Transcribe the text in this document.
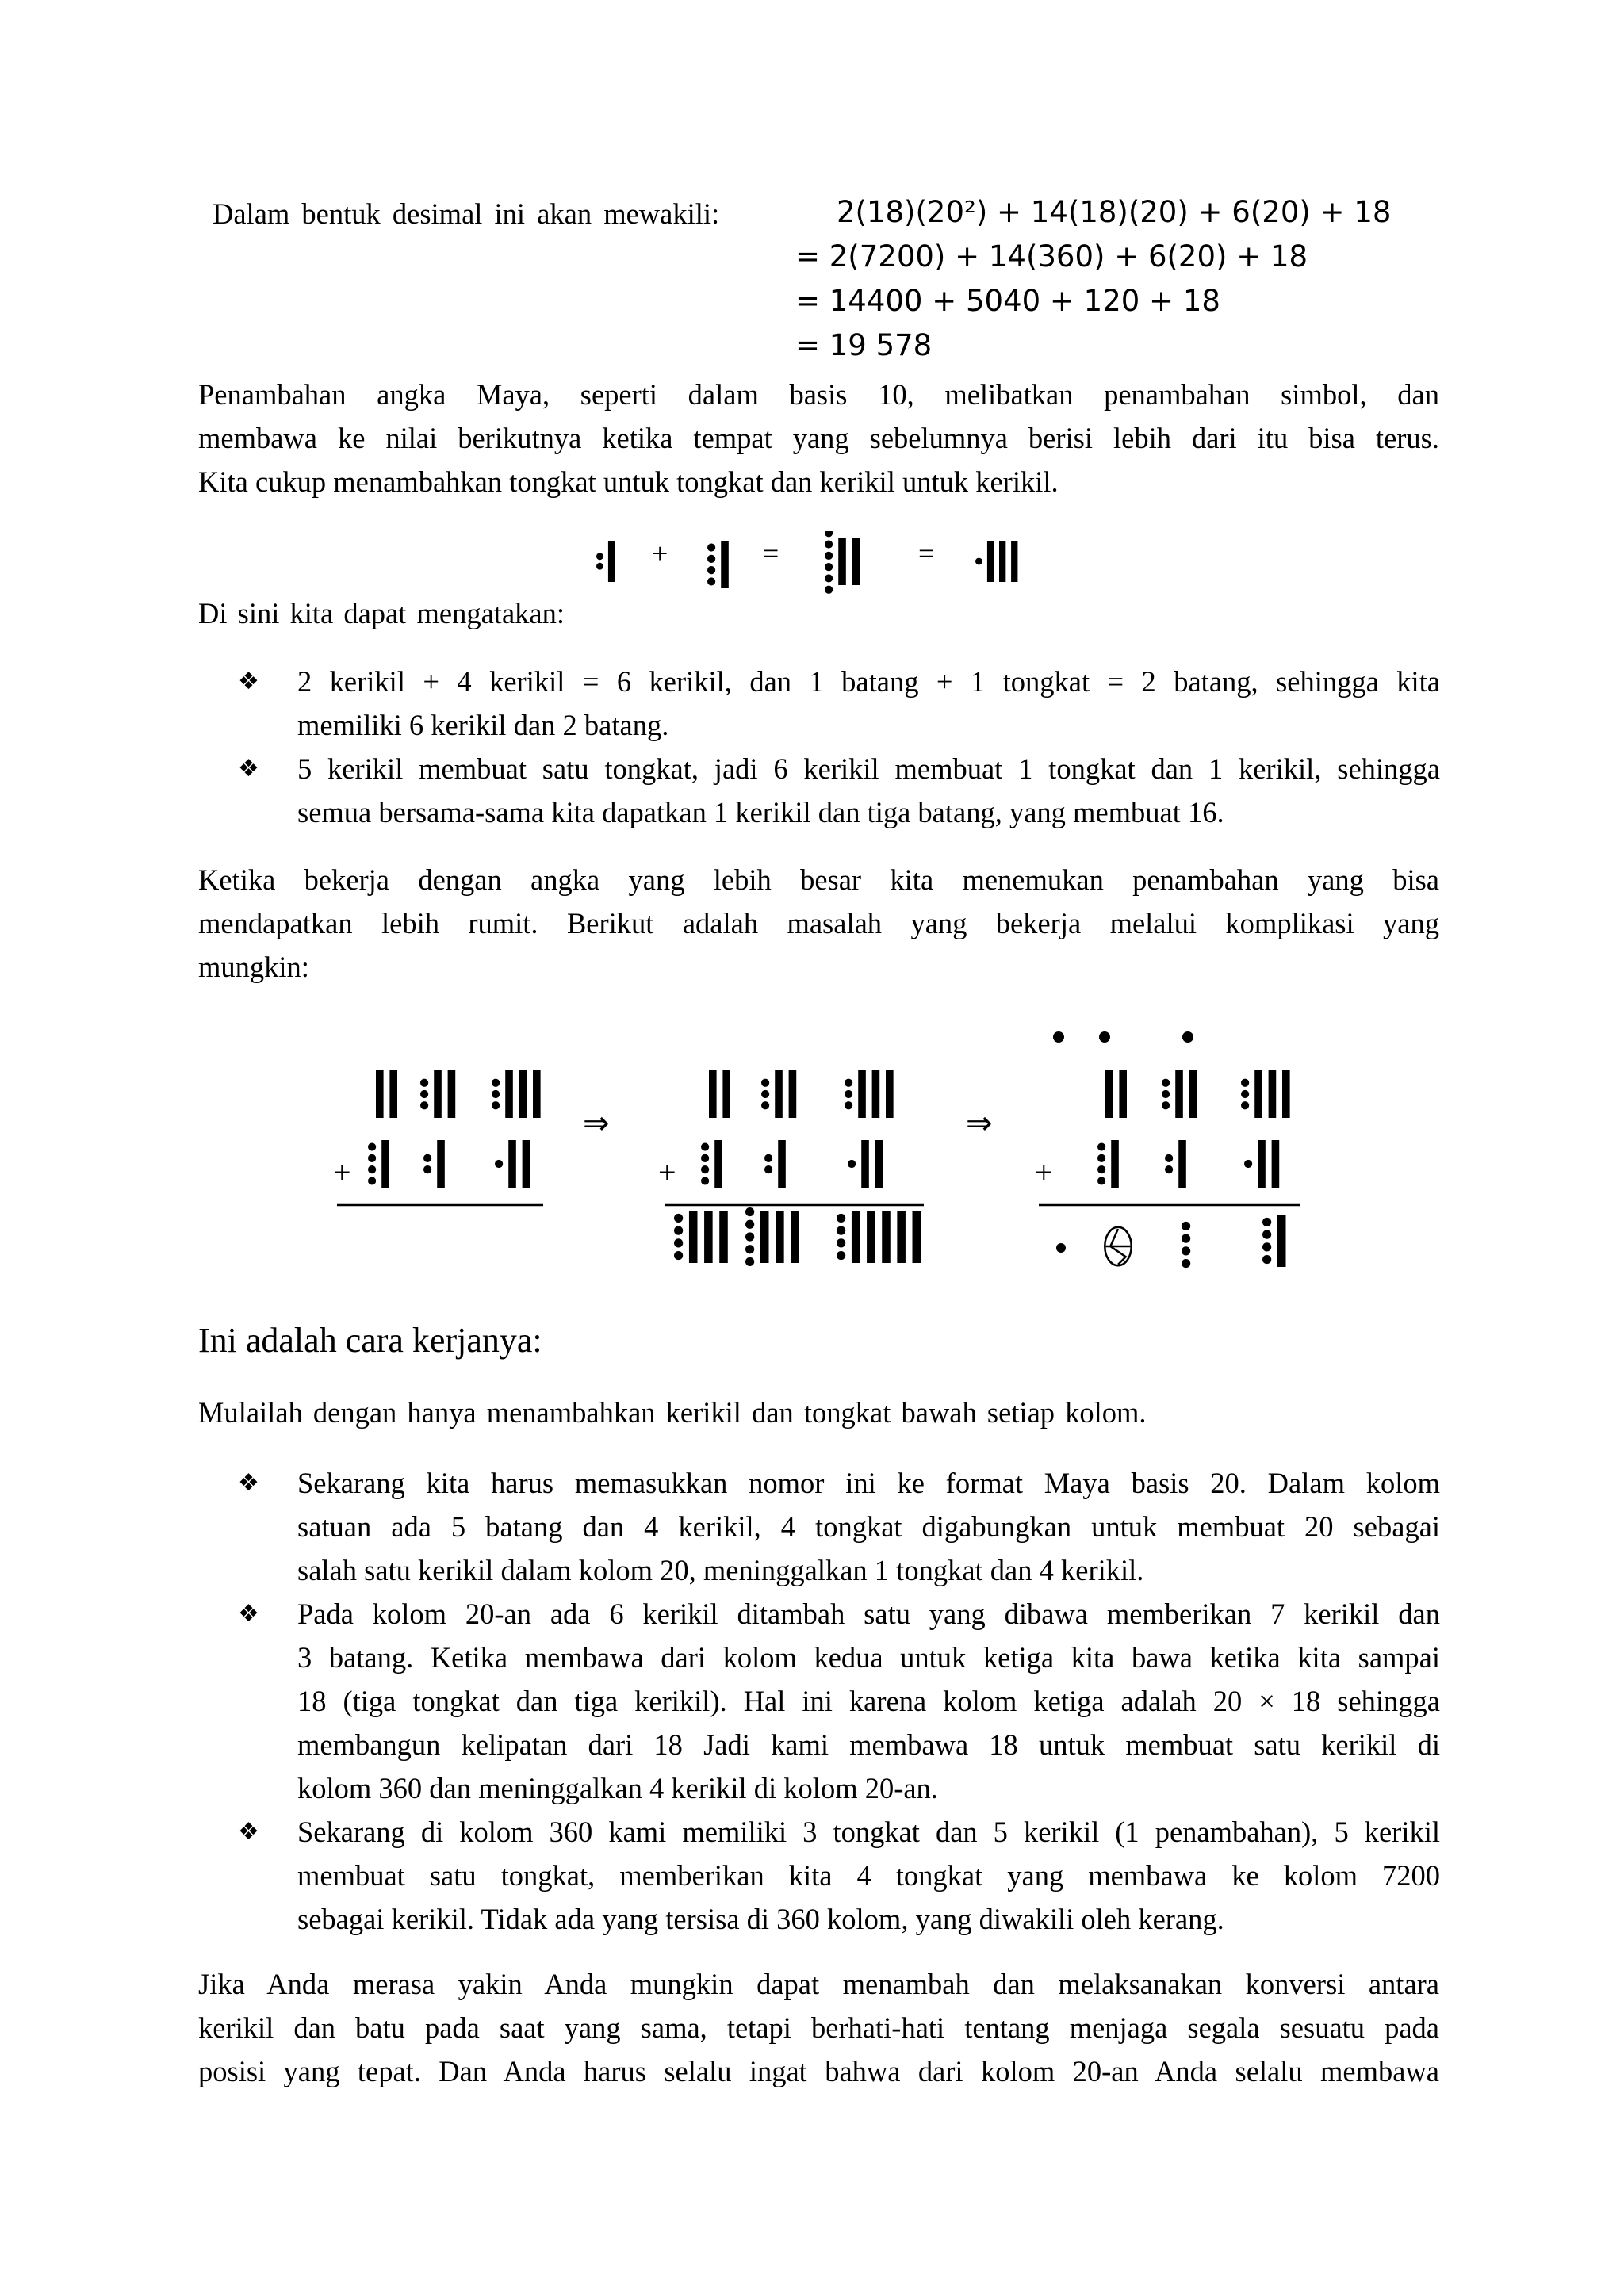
Dalam bentuk desimal ini akan mewakili:	2(18)(20²) + 14(18)(20) + 6(20) + 18
= 2(7200) + 14(360) + 6(20) + 18
= 14400 + 5040 + 120 + 18
= 19 578
Penambahan angka Maya, seperti dalam basis 10, melibatkan penambahan simbol, dan
membawa ke nilai berikutnya ketika tempat yang sebelumnya berisi lebih dari itu bisa terus.
Kita cukup menambahkan tongkat untuk tongkat dan kerikil untuk kerikil.
+	=	=
Di sini kita dapat mengatakan:
❖	2 kerikil + 4 kerikil = 6 kerikil, dan 1 batang + 1 tongkat = 2 batang, sehingga kita
memiliki 6 kerikil dan 2 batang.
❖	5 kerikil membuat satu tongkat, jadi 6 kerikil membuat 1 tongkat dan 1 kerikil, sehingga
semua bersama-sama kita dapatkan 1 kerikil dan tiga batang, yang membuat 16.
Ketika bekerja dengan angka yang lebih besar kita menemukan penambahan yang bisa
mendapatkan lebih rumit. Berikut adalah masalah yang bekerja melalui komplikasi yang
mungkin:
+	+	+
⇒	⇒
Ini adalah cara kerjanya:
Mulailah dengan hanya menambahkan kerikil dan tongkat bawah setiap kolom.
❖	Sekarang kita harus memasukkan nomor ini ke format Maya basis 20. Dalam kolom
satuan ada 5 batang dan 4 kerikil, 4 tongkat digabungkan untuk membuat 20 sebagai
salah satu kerikil dalam kolom 20, meninggalkan 1 tongkat dan 4 kerikil.
❖	Pada kolom 20-an ada 6 kerikil ditambah satu yang dibawa memberikan 7 kerikil dan
3 batang. Ketika membawa dari kolom kedua untuk ketiga kita bawa ketika kita sampai
18 (tiga tongkat dan tiga kerikil). Hal ini karena kolom ketiga adalah 20 × 18 sehingga
membangun kelipatan dari 18 Jadi kami membawa 18 untuk membuat satu kerikil di
kolom 360 dan meninggalkan 4 kerikil di kolom 20-an.
❖	Sekarang di kolom 360 kami memiliki 3 tongkat dan 5 kerikil (1 penambahan), 5 kerikil
membuat satu tongkat, memberikan kita 4 tongkat yang membawa ke kolom 7200
sebagai kerikil. Tidak ada yang tersisa di 360 kolom, yang diwakili oleh kerang.
Jika Anda merasa yakin Anda mungkin dapat menambah dan melaksanakan konversi antara
kerikil dan batu pada saat yang sama, tetapi berhati-hati tentang menjaga segala sesuatu pada
posisi yang tepat. Dan Anda harus selalu ingat bahwa dari kolom 20-an Anda selalu membawa
